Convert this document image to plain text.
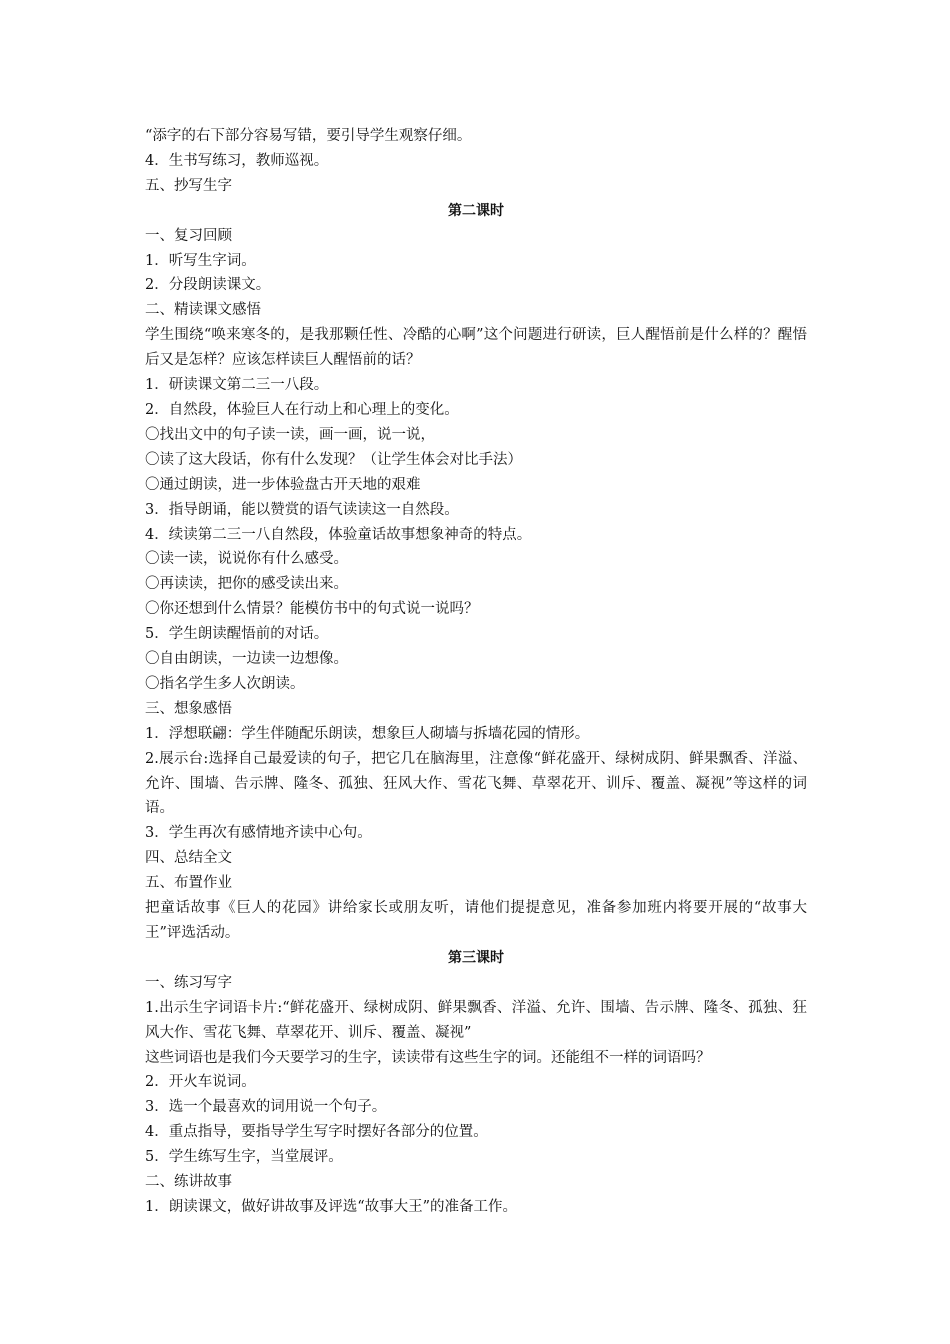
“添字的右下部分容易写错，要引导学生观察仔细。
4．生书写练习，教师巡视。
五、抄写生字
第二课时
一、复习回顾
1．听写生字词。
2．分段朗读课文。
二、精读课文感悟
学生围绕“唤来寒冬的，是我那颗任性、冷酷的心啊”这个问题进行研读，巨人醒悟前是什么样的？醒悟后又是怎样？应该怎样读巨人醒悟前的话？
1．研读课文第二三一八段。
2．自然段，体验巨人在行动上和心理上的变化。
〇找出文中的句子读一读，画一画，说一说，
〇读了这大段话，你有什么发现？（让学生体会对比手法）
〇通过朗读，进一步体验盘古开天地的艰难
3．指导朗诵，能以赞赏的语气读读这一自然段。
4．续读第二三一八自然段，体验童话故事想象神奇的特点。
〇读一读，说说你有什么感受。
〇再读读，把你的感受读出来。
〇你还想到什么情景？能模仿书中的句式说一说吗？
5．学生朗读醒悟前的对话。
〇自由朗读，一边读一边想像。
〇指名学生多人次朗读。
三、想象感悟
1．浮想联翩：学生伴随配乐朗读，想象巨人砌墙与拆墙花园的情形。
2.展示台:选择自己最爱读的句子，把它几在脑海里，注意像“鲜花盛开、绿树成阴、鲜果飘香、洋溢、允许、围墙、告示牌、隆冬、孤独、狂风大作、雪花飞舞、草翠花开、训斥、覆盖、凝视”等这样的词语。
3．学生再次有感情地齐读中心句。
四、总结全文
五、布置作业
把童话故事《巨人的花园》讲给家长或朋友听，请他们提提意见，准备参加班内将要开展的“故事大王”评选活动。
第三课时
一、练习写字
1.出示生字词语卡片:“鲜花盛开、绿树成阴、鲜果飘香、洋溢、允许、围墙、告示牌、隆冬、孤独、狂风大作、雪花飞舞、草翠花开、训斥、覆盖、凝视”
这些词语也是我们今天要学习的生字，读读带有这些生字的词。还能组不一样的词语吗？
2．开火车说词。
3．选一个最喜欢的词用说一个句子。
4．重点指导，要指导学生写字时摆好各部分的位置。
5．学生练写生字，当堂展评。
二、练讲故事
1．朗读课文，做好讲故事及评选“故事大王”的准备工作。
